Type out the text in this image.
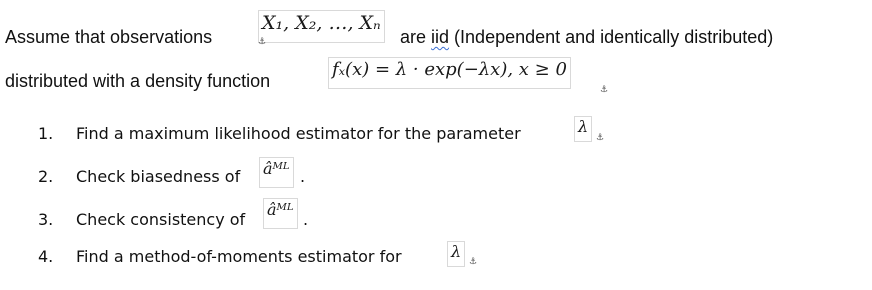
Assume that observations
X₁, X₂, …, Xₙ
are iid (Independent and identically distributed)
distributed with a density function
fₓ(x) = λ · exp(−λx), x ≥ 0
1. Find a maximum likelihood estimator for the parameter	λ
⚓
2. Check biasedness of âᴹᴸ .
3. Check consistency of
âᴹᴸ
.
4. Find a method-of-moments estimator for	λ
⚓
⚓
⚓
